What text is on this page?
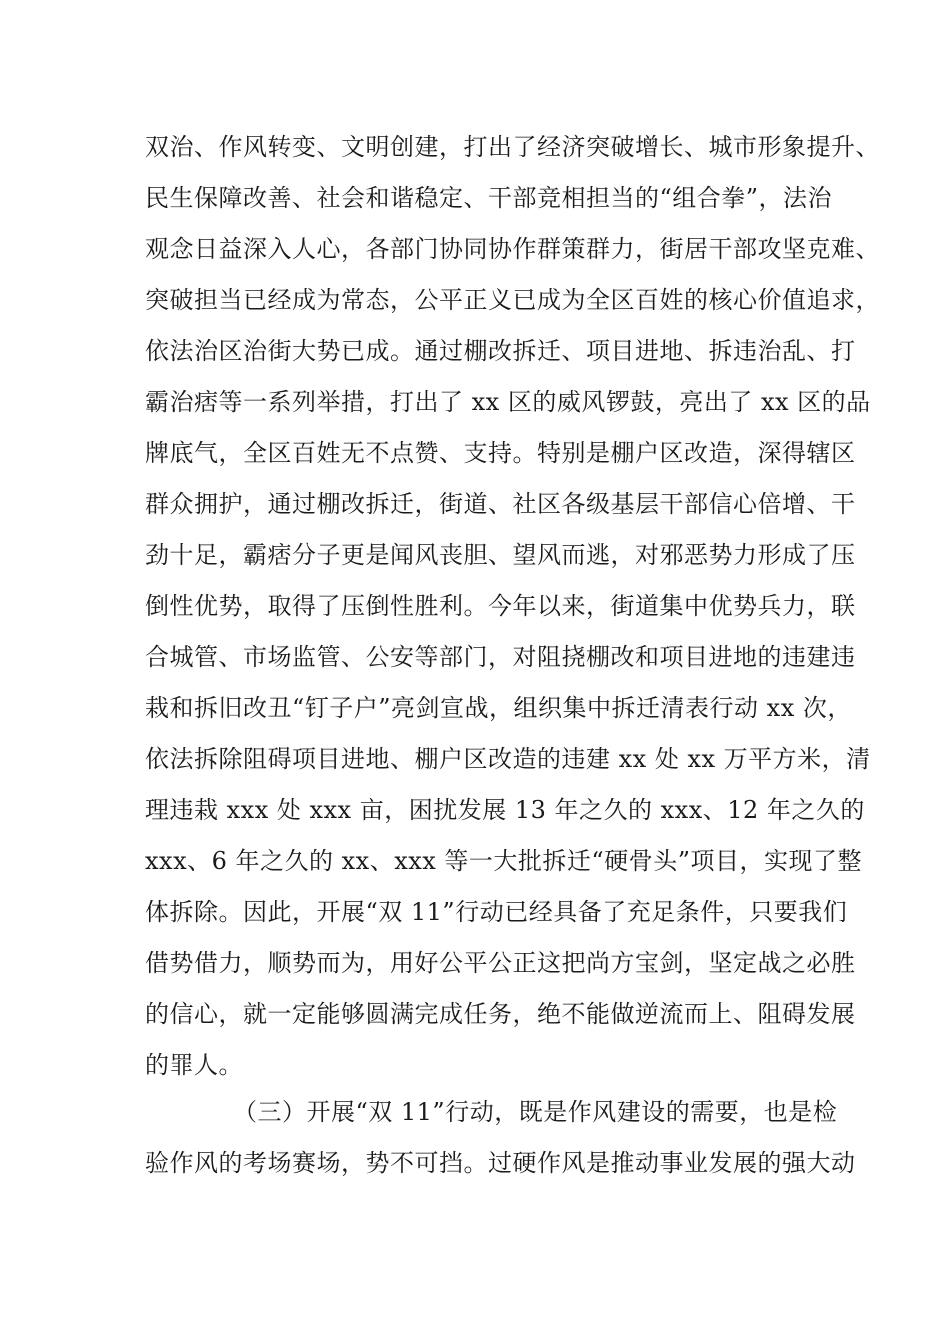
双治、作风转变、文明创建，打出了经济突破增长、城市形象提升、
民生保障改善、社会和谐稳定、干部竞相担当的“组合拳”，法治
观念日益深入人心，各部门协同协作群策群力，街居干部攻坚克难、
突破担当已经成为常态，公平正义已成为全区百姓的核心价值追求，
依法治区治街大势已成。通过棚改拆迁、项目进地、拆违治乱、打
霸治痞等一系列举措，打出了 xx 区的威风锣鼓，亮出了 xx 区的品
牌底气，全区百姓无不点赞、支持。特别是棚户区改造，深得辖区
群众拥护，通过棚改拆迁，街道、社区各级基层干部信心倍增、干
劲十足，霸痞分子更是闻风丧胆、望风而逃，对邪恶势力形成了压
倒性优势，取得了压倒性胜利。今年以来，街道集中优势兵力，联
合城管、市场监管、公安等部门，对阻挠棚改和项目进地的违建违
栽和拆旧改丑“钉子户”亮剑宣战，组织集中拆迁清表行动 xx 次，
依法拆除阻碍项目进地、棚户区改造的违建 xx 处 xx 万平方米，清
理违栽 xxx 处 xxx 亩，困扰发展 13 年之久的 xxx、12 年之久的
xxx、6 年之久的 xx、xxx 等一大批拆迁“硬骨头”项目，实现了整
体拆除。因此，开展“双 11”行动已经具备了充足条件，只要我们
借势借力，顺势而为，用好公平公正这把尚方宝剑，坚定战之必胜
的信心，就一定能够圆满完成任务，绝不能做逆流而上、阻碍发展
的罪人。
（三）开展“双 11”行动，既是作风建设的需要，也是检
验作风的考场赛场，势不可挡。过硬作风是推动事业发展的强大动
